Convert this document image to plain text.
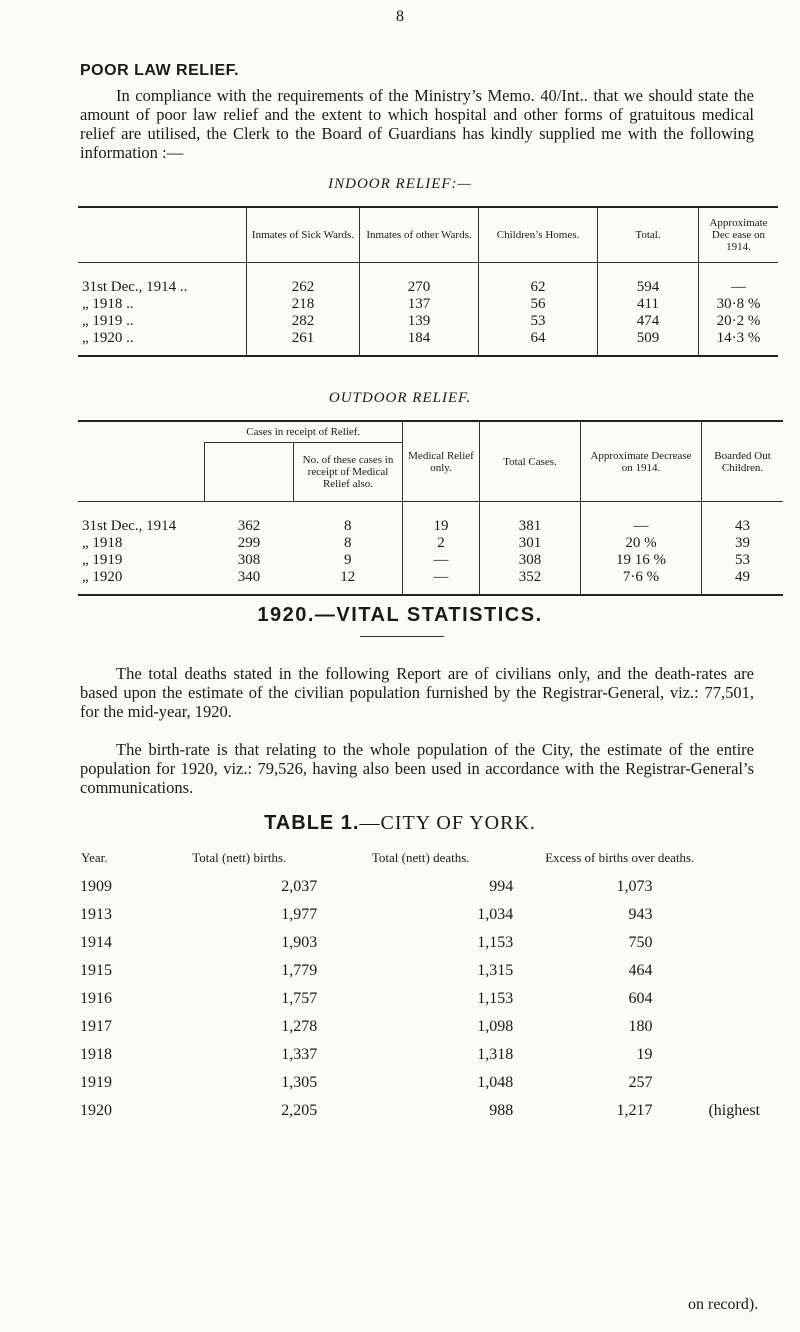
8
POOR LAW RELIEF.

In compliance with the requirements of the Ministry’s Memo. 40/Int.. that we should state the amount of poor law relief and the extent to which hospital and other forms of gratuitous medical relief are utilised, the Clerk to the Board of Guardians has kindly supplied me with the following information :—

INDOOR RELIEF:—
	Inmates of Sick Wards.	Inmates of other Wards.	Children’s Homes.	Total.	Approximate Dec ease on 1914.
31st Dec., 1914 ..	262	270	62	594	—
„ 1918 ..	218	137	56	411	30·8 %
„ 1919 ..	282	139	53	474	20·2 %
„ 1920 ..	261	184	64	509	14·3 %
OUTDOOR RELIEF.
	Cases in receipt of Relief.		Medical Relief only.	Total Cases.	Approximate Decrease on 1914.	Boarded Out Children.
		No. of these cases in receipt of Medical Relief also.				
31st Dec., 1914	362	8	19	381	—	43
„ 1918	299	8	2	301	20 %	39
„ 1919	308	9	—	308	19 16 %	53
„ 1920	340	12	—	352	7·6 %	49
1920.—VITAL STATISTICS.

The total deaths stated in the following Report are of civilians only, and the death-rates are based upon the estimate of the civilian population furnished by the Registrar-General, viz.: 77,501, for the mid-year, 1920.

The birth-rate is that relating to the whole population of the City, the estimate of the entire population for 1920, viz.: 79,526, having also been used in accordance with the Registrar-General’s communications.

TABLE 1.—CITY OF YORK.
Year.	Total (nett) births.	Total (nett) deaths.	Excess of births over deaths.	
1909	2,037	994	1,073	
1913	1,977	1,034	943	
1914	1,903	1,153	750	
1915	1,779	1,315	464	
1916	1,757	1,153	604	
1917	1,278	1,098	180	
1918	1,337	1,318	19	
1919	1,305	1,048	257	
1920	2,205	988	1,217	(highest
on record).
